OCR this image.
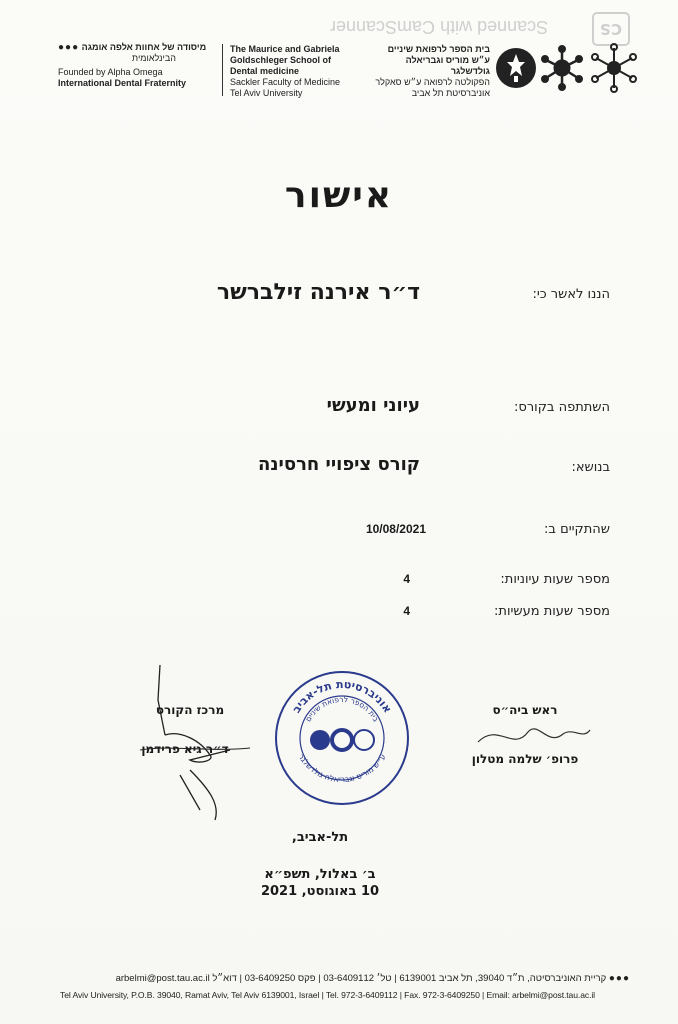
Scanned with CamScanner	CS
מיסודה של אחוות אלפה אומגה ●●●
הבינלאומית
Founded by Alpha Omega
International Dental Fraternity
The Maurice and Gabriela
Goldschleger School of
Dental medicine
Sackler Faculty of Medicine
Tel Aviv University
בית הספר לרפואת שיניים
ע״ש מוריס וגבריאלה
גולדשלגר
הפקולטה לרפואה ע״ש סאקלר
אוניברסיטת תל אביב
אישור
הננו לאשר כי:
ד״ר אירנה זילברשר
השתתפה בקורס:
עיוני ומעשי
בנושא:
קורס ציפויי חרסינה
שהתקיים ב:
10/08/2021
מספר שעות עיוניות:
4
מספר שעות מעשיות:
4
מרכז הקורס
ד״ר גיא פרידמן
ראש ביה״ס
פרופ׳ שלמה מטלון
אוניברסיטת תל-אביב
בית הספר לרפואת שיניים
ע״ש מוריס וגבריאלה גולדשלגר
תל-אביב,
ב׳ באלול, תשפ״א
10 באוגוסט, 2021
●●● קריית האוניברסיטה, ת״ד 39040, תל אביב 6139001 | טל׳ 03-6409112 | פקס 03-6409250 | דוא״ל arbelmi@post.tau.ac.il
Tel Aviv University, P.O.B. 39040, Ramat Aviv, Tel Aviv 6139001, Israel | Tel. 972-3-6409112 | Fax. 972-3-6409250 | Email: arbelmi@post.tau.ac.il
